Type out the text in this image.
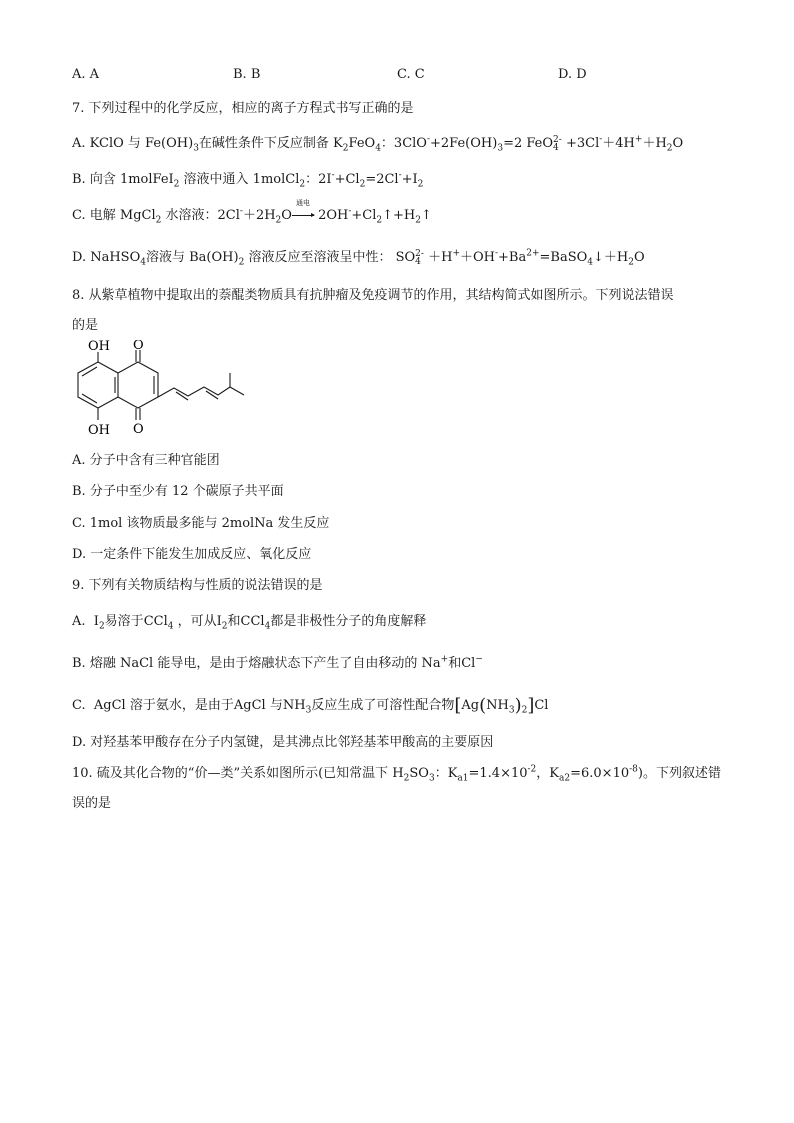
A. A	B. B	C. C	D. D
7. 下列过程中的化学反应，相应的离子方程式书写正确的是
A. KClO 与 $Fe(OH)_3$在碱性条件下反应制备 $K_2FeO_4$：$3ClO^-+2Fe(OH)_3=2$ FeO 2-
$4 +3Cl^-+4H^++H_2O$
B. 向含 1molFeI$_2$ 溶液中通入 1molCl$_2$：$2I^-+Cl_2=2Cl^-+I_2$
C. 电解 MgCl$_2$ 水溶液：$2Cl^-+2H_2O$
通电
$2OH^-+Cl_2↑+H_2↑$
D. NaHSO$_4$溶液与 $Ba(OH)_2$ 溶液反应至溶液呈中性： SO 2-
$4 +H^++OH^-+Ba^{2+}=BaSO_4↓+H_2O$
8. 从紫草植物中提取出的萘醌类物质具有抗肿瘤及免疫调节的作用，其结构简式如图所示。下列说法错误
的是
OH O
OH O
A. 分子中含有三种官能团
B. 分子中至少有 12 个碳原子共平面
C. 1mol 该物质最多能与 2molNa 发生反应
D. 一定条件下能发生加成反应、氧化反应
9. 下列有关物质结构与性质的说法错误的是
A.  $I_2$易溶于CCl$_4$ ，可从$I_2$和CCl$_4$都是非极性分子的角度解释
B. 熔融 NaCl 能导电，是由于熔融状态下产生了自由移动的 Na+和Cl−
C.  AgCl 溶于氨水，是由于AgCl 与$NH_3$反应生成了可溶性配合物$[Ag(NH_3)_2]Cl$
D. 对羟基苯甲酸存在分子内氢键，是其沸点比邻羟基苯甲酸高的主要原因
10. 硫及其化合物的“价—类”关系如图所示(已知常温下 $H_2SO_3$：$K_{a1}=1.4\times 10^{-2}$，$K_{a2}=6.0\times 10^{-8}$)。下列叙述错
误的是
